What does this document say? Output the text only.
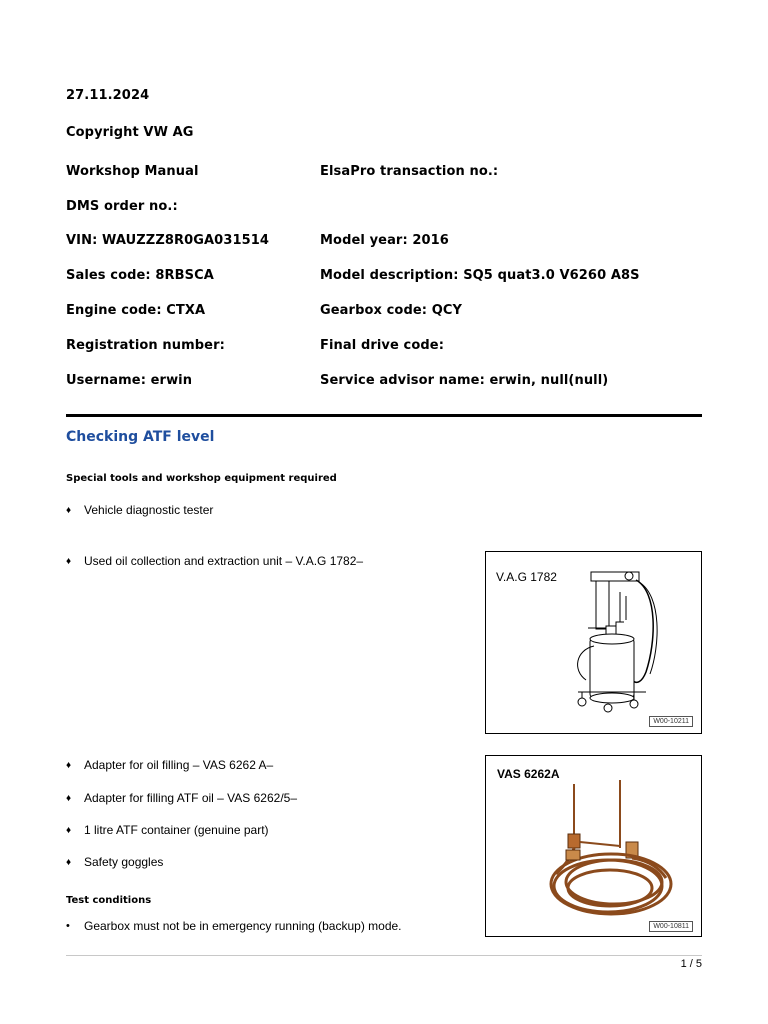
27.11.2024
Copyright VW AG
Workshop Manual	ElsaPro transaction no.:
DMS order no.:
VIN: WAUZZZ8R0GA031514	Model year: 2016
Sales code: 8RBSCA	Model description: SQ5 quat3.0 V6260 A8S
Engine code: CTXA	Gearbox code: QCY
Registration number:	Final drive code:
Username: erwin	Service advisor name: erwin, null(null)
Checking ATF level
Special tools and workshop equipment required
♦	Vehicle diagnostic tester
♦	Used oil collection and extraction unit – V.A.G 1782–
♦	Adapter for oil filling – VAS 6262 A–
♦	Adapter for filling ATF oil – VAS 6262/5–
♦	1 litre ATF container (genuine part)
♦	Safety goggles
Test conditions
•	Gearbox must not be in emergency running (backup) mode.
V.A.G 1782
W00-10211
VAS 6262A
W00-10811
1 / 5
